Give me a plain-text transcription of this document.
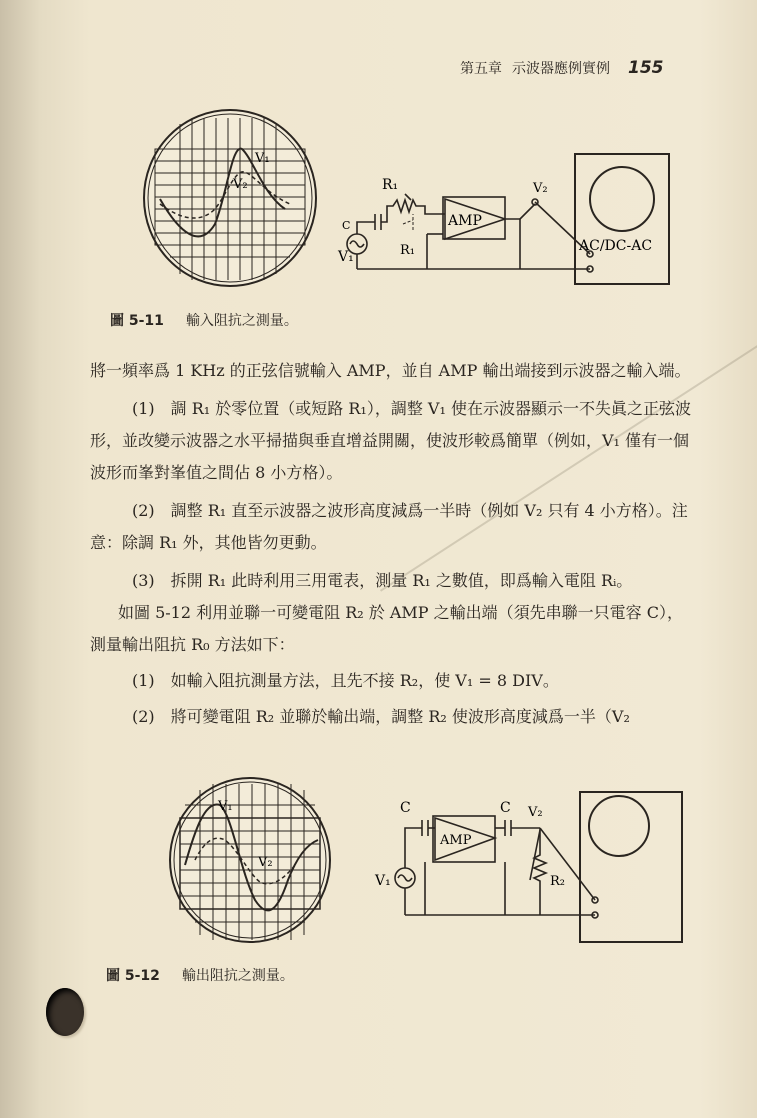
第五章 示波器應例實例 155
V₁
V₂	R₁
C
R₁
V₁
AMP
V₂
AC/DC-AC
圖 5-11 輸入阻抗之測量。

將一頻率爲 1 KHz 的正弦信號輸入 AMP，並自 AMP 輸出端接到示波器之輸入端。

(1)　調 R₁ 於零位置（或短路 R₁），調整 V₁ 使在示波器顯示一不失眞之正弦波形，並改變示波器之水平掃描與垂直增益開關，使波形較爲簡單（例如，V₁ 僅有一個波形而峯對峯值之間佔 8 小方格）。

(2)　調整 R₁ 直至示波器之波形高度減爲一半時（例如 V₂ 只有 4 小方格）。注意：除調 R₁ 外，其他皆勿更動。

(3)　拆開 R₁ 此時利用三用電表，測量 R₁ 之數值，即爲輸入電阻 Rᵢ。

如圖 5-12 利用並聯一可變電阻 R₂ 於 AMP 之輸出端（須先串聯一只電容 C），測量輸出阻抗 R₀ 方法如下：

(1)　如輸入阻抗測量方法，且先不接 R₂，使 V₁ = 8 DIV。

(2)　將可變電阻 R₂ 並聯於輸出端，調整 R₂ 使波形高度減爲一半（V₂

V₁
V₂
C	C V₂
AMP
V₁	R₂
圖 5-12 輸出阻抗之測量。
